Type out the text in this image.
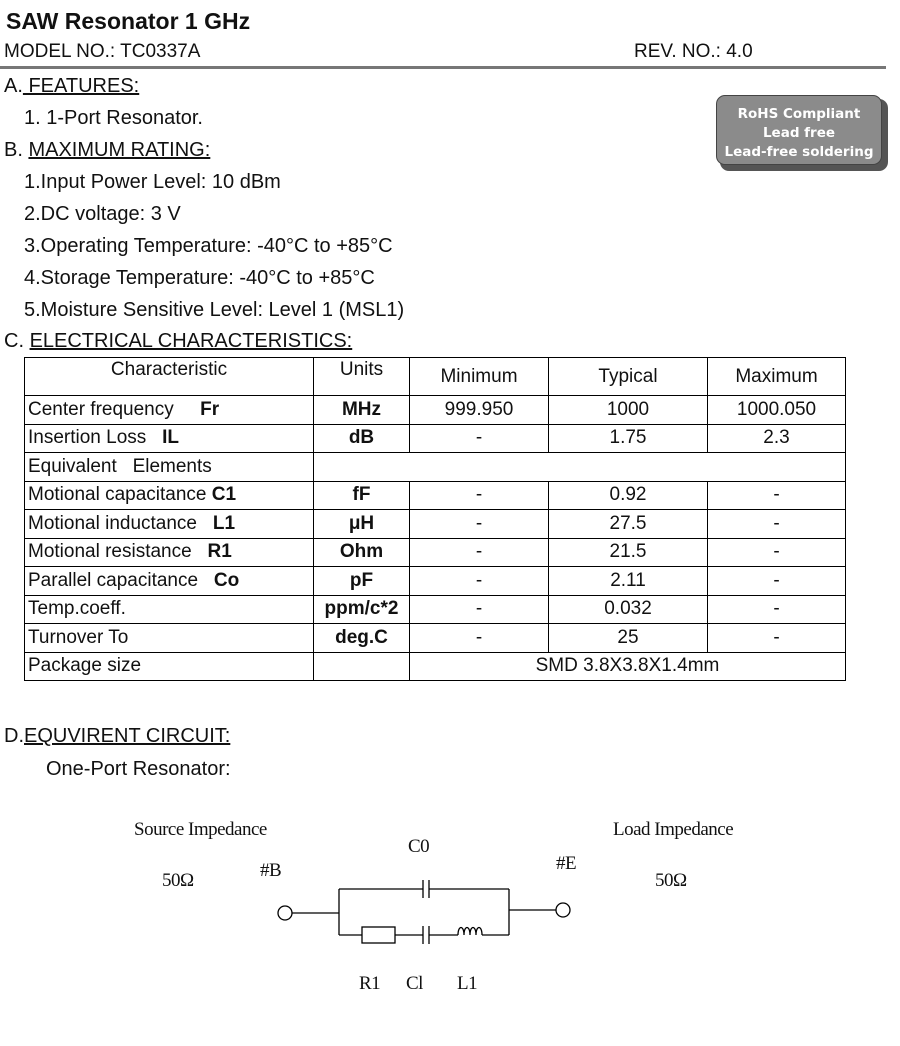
SAW Resonator 1 GHz
MODEL NO.: TC0337A	REV. NO.: 4.0
RoHS Compliant
Lead free
Lead-free soldering
A. FEATURES:
1. 1-Port Resonator.
B. MAXIMUM RATING:
1.Input Power Level: 10 dBm
2.DC voltage: 3 V
3.Operating Temperature: -40°C to +85°C
4.Storage Temperature: -40°C to +85°C
5.Moisture Sensitive Level: Level 1 (MSL1)
C. ELECTRICAL CHARACTERISTICS:
Characteristic	Units	Minimum	Typical	Maximum
Center frequency Fr	MHz	999.950	1000	1000.050
Insertion Loss IL	dB	-	1.75	2.3
Equivalent   Elements				
Motional capacitance C1	fF	-	0.92	-
Motional inductance L1	μH	-	27.5	-
Motional resistance R1	Ohm	-	21.5	-
Parallel capacitance Co	pF	-	2.11	-
Temp.coeff.	ppm/c*2	-	0.032	-
Turnover To	deg.C	-	25	-
Package size		SMD 3.8X3.8X1.4mm		
D.EQUVIRENT CIRCUIT:
One-Port Resonator:
Source Impedance
50Ω	#B
C0
#E
Load Impedance
50Ω
R1 Cl L1
